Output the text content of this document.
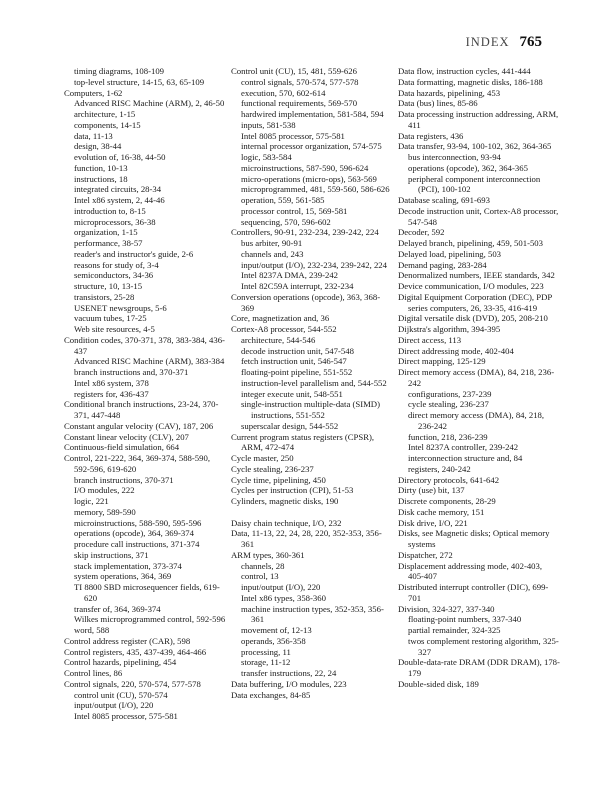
INDEX 765

timing diagrams, 108-109

top-level structure, 14-15, 63, 65-109

Computers, 1-62

Advanced RISC Machine (ARM), 2, 46-50

architecture, 1-15

components, 14-15

data, 11-13

design, 38-44

evolution of, 16-38, 44-50

function, 10-13

instructions, 18

integrated circuits, 28-34

Intel x86 system, 2, 44-46

introduction to, 8-15

microprocessors, 36-38

organization, 1-15

performance, 38-57

reader's and instructor's guide, 2-6

reasons for study of, 3-4

semiconductors, 34-36

structure, 10, 13-15

transistors, 25-28

USENET newsgroups, 5-6

vacuum tubes, 17-25

Web site resources, 4-5

Condition codes, 370-371, 378, 383-384, 436-437

Advanced RISC Machine (ARM), 383-384

branch instructions and, 370-371

Intel x86 system, 378

registers for, 436-437

Conditional branch instructions, 23-24, 370-371, 447-448

Constant angular velocity (CAV), 187, 206

Constant linear velocity (CLV), 207

Continuous-field simulation, 664

Control, 221-222, 364, 369-374, 588-590, 592-596, 619-620

branch instructions, 370-371

I/O modules, 222

logic, 221

memory, 589-590

microinstructions, 588-590, 595-596

operations (opcode), 364, 369-374

procedure call instructions, 371-374

skip instructions, 371

stack implementation, 373-374

system operations, 364, 369

TI 8800 SBD microsequencer fields, 619-620

transfer of, 364, 369-374

Wilkes microprogrammed control, 592-596

word, 588

Control address register (CAR), 598

Control registers, 435, 437-439, 464-466

Control hazards, pipelining, 454

Control lines, 86

Control signals, 220, 570-574, 577-578

control unit (CU), 570-574

input/output (I/O), 220

Intel 8085 processor, 575-581

Control unit (CU), 15, 481, 559-626

control signals, 570-574, 577-578

execution, 570, 602-614

functional requirements, 569-570

hardwired implementation, 581-584, 594

inputs, 581-538

Intel 8085 processor, 575-581

internal processor organization, 574-575

logic, 583-584

microinstructions, 587-590, 596-624

micro-operations (micro-ops), 563-569

microprogrammed, 481, 559-560, 586-626

operation, 559, 561-585

processor control, 15, 569-581

sequencing, 570, 596-602

Controllers, 90-91, 232-234, 239-242, 224

bus arbiter, 90-91

channels and, 243

input/output (I/O), 232-234, 239-242, 224

Intel 8237A DMA, 239-242

Intel 82C59A interrupt, 232-234

Conversion operations (opcode), 363, 368-369

Core, magnetization and, 36

Cortex-A8 processor, 544-552

architecture, 544-546

decode instruction unit, 547-548

fetch instruction unit, 546-547

floating-point pipeline, 551-552

instruction-level parallelism and, 544-552

integer execute unit, 548-551

single-instruction multiple-data (SIMD) instructions, 551-552

superscalar design, 544-552

Current program status registers (CPSR), ARM, 472-474

Cycle master, 250

Cycle stealing, 236-237

Cycle time, pipelining, 450

Cycles per instruction (CPI), 51-53

Cylinders, magnetic disks, 190

Daisy chain technique, I/O, 232

Data, 11-13, 22, 24, 28, 220, 352-353, 356-361

ARM types, 360-361

channels, 28

control, 13

input/output (I/O), 220

Intel x86 types, 358-360

machine instruction types, 352-353, 356-361

movement of, 12-13

operands, 356-358

processing, 11

storage, 11-12

transfer instructions, 22, 24

Data buffering, I/O modules, 223

Data exchanges, 84-85

Data flow, instruction cycles, 441-444

Data formatting, magnetic disks, 186-188

Data hazards, pipelining, 453

Data (bus) lines, 85-86

Data processing instruction addressing, ARM, 411

Data registers, 436

Data transfer, 93-94, 100-102, 362, 364-365

bus interconnection, 93-94

operations (opcode), 362, 364-365

peripheral component interconnection (PCI), 100-102

Database scaling, 691-693

Decode instruction unit, Cortex-A8 processor, 547-548

Decoder, 592

Delayed branch, pipelining, 459, 501-503

Delayed load, pipelining, 503

Demand paging, 283-284

Denormalized numbers, IEEE standards, 342

Device communication, I/O modules, 223

Digital Equipment Corporation (DEC), PDP series computers, 26, 33-35, 416-419

Digital versatile disk (DVD), 205, 208-210

Dijkstra's algorithm, 394-395

Direct access, 113

Direct addressing mode, 402-404

Direct mapping, 125-129

Direct memory access (DMA), 84, 218, 236-242

configurations, 237-239

cycle stealing, 236-237

direct memory access (DMA), 84, 218, 236-242

function, 218, 236-239

Intel 8237A controller, 239-242

interconnection structure and, 84

registers, 240-242

Directory protocols, 641-642

Dirty (use) bit, 137

Discrete components, 28-29

Disk cache memory, 151

Disk drive, I/O, 221

Disks, see Magnetic disks; Optical memory systems

Dispatcher, 272

Displacement addressing mode, 402-403, 405-407

Distributed interrupt controller (DIC), 699-701

Division, 324-327, 337-340

floating-point numbers, 337-340

partial remainder, 324-325

twos complement restoring algorithm, 325-327

Double-data-rate DRAM (DDR DRAM), 178-179

Double-sided disk, 189
